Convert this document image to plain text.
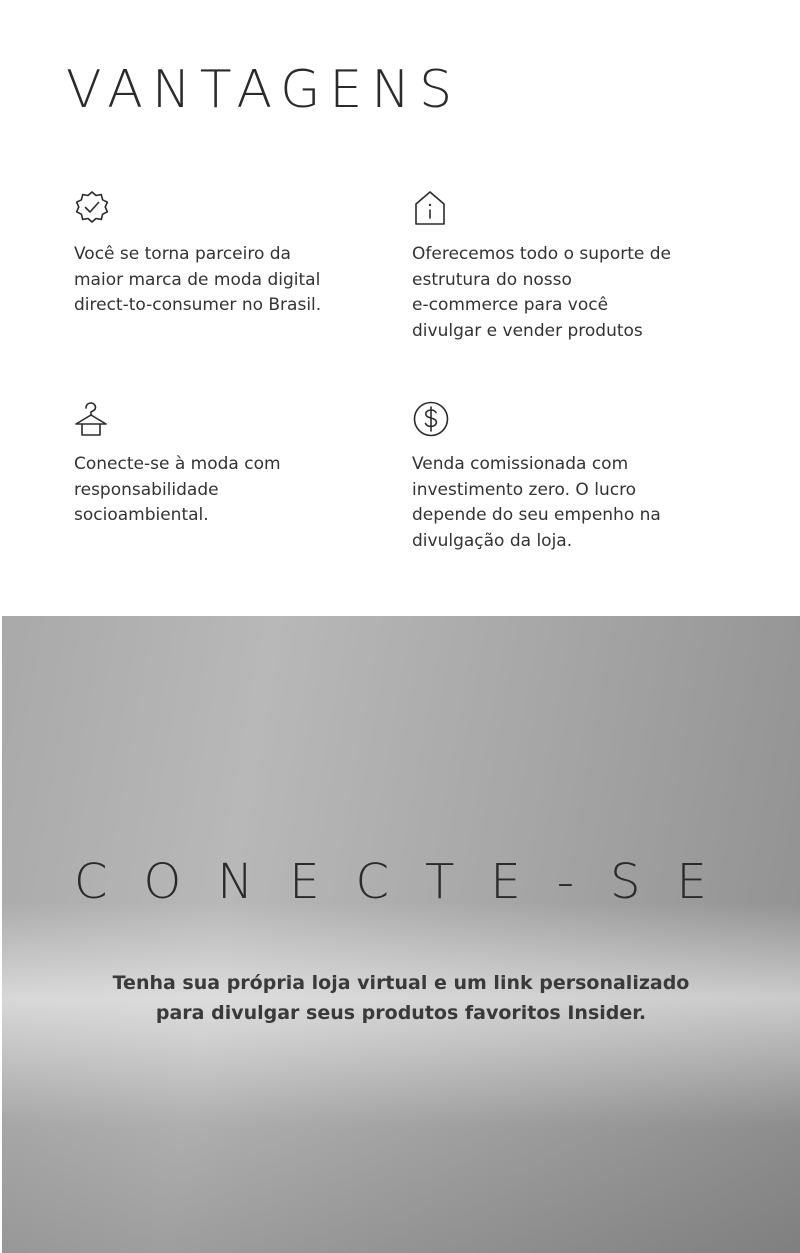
VANTAGENS

Você se torna parceiro da
maior marca de moda digital
direct-to-consumer no Brasil.

Oferecemos todo o suporte de
estrutura do nosso
e-commerce para você
divulgar e vender produtos

Conecte-se à moda com
responsabilidade
socioambiental.

Venda comissionada com
investimento zero. O lucro
depende do seu empenho na
divulgação da loja.

CONECTE-SE

Tenha sua própria loja virtual e um link personalizado
para divulgar seus produtos favoritos Insider.
